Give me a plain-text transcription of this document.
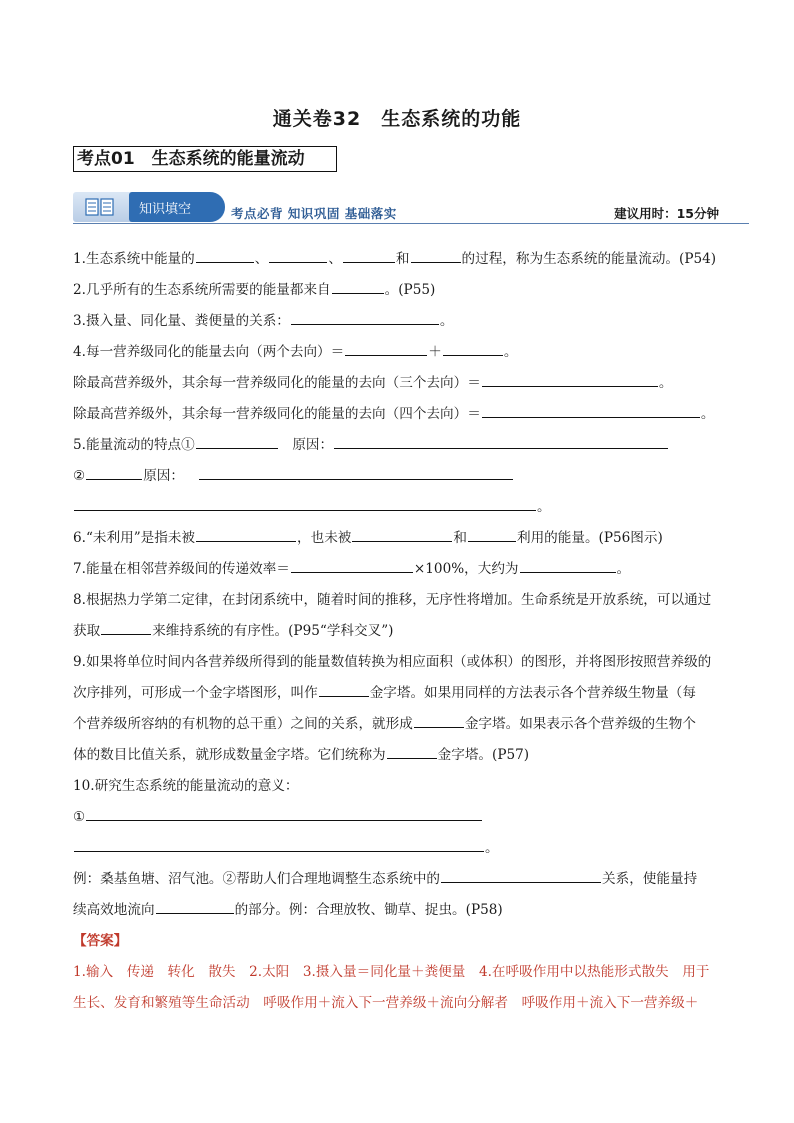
通关卷32　生态系统的功能
考点01　生态系统的能量流动
知识填空	考点必背 知识巩固 基础落实	建议用时：15分钟

1.生态系统中能量的	、	、	和	的过程，称为生态系统的能量流动。(P54)

2.几乎所有的生态系统所需要的能量都来自	。(P55)

3.摄入量、同化量、粪便量的关系：	。

4.每一营养级同化的能量去向（两个去向）＝	＋	。

除最高营养级外，其余每一营养级同化的能量的去向（三个去向）＝	。

除最高营养级外，其余每一营养级同化的能量的去向（四个去向）＝	。

5.能量流动的特点①	　原因：

②	原因：

。

6.“未利用”是指未被	，也未被	和	利用的能量。(P56图示)

7.能量在相邻营养级间的传递效率＝	×100%，大约为	。

8.根据热力学第二定律，在封闭系统中，随着时间的推移，无序性将增加。生命系统是开放系统，可以通过

获取	来维持系统的有序性。(P95“学科交叉”)

9.如果将单位时间内各营养级所得到的能量数值转换为相应面积（或体积）的图形，并将图形按照营养级的

次序排列，可形成一个金字塔图形，叫作	金字塔。如果用同样的方法表示各个营养级生物量（每

个营养级所容纳的有机物的总干重）之间的关系，就形成	金字塔。如果表示各个营养级的生物个

体的数目比值关系，就形成数量金字塔。它们统称为	金字塔。(P57)

10.研究生态系统的能量流动的意义：

①

。

例：桑基鱼塘、沼气池。②帮助人们合理地调整生态系统中的	关系，使能量持

续高效地流向	的部分。例：合理放牧、锄草、捉虫。(P58)

【答案】

1.输入　传递　转化　散失　2.太阳　3.摄入量＝同化量＋粪便量　4.在呼吸作用中以热能形式散失　用于

生长、发育和繁殖等生命活动　呼吸作用＋流入下一营养级＋流向分解者　呼吸作用＋流入下一营养级＋
